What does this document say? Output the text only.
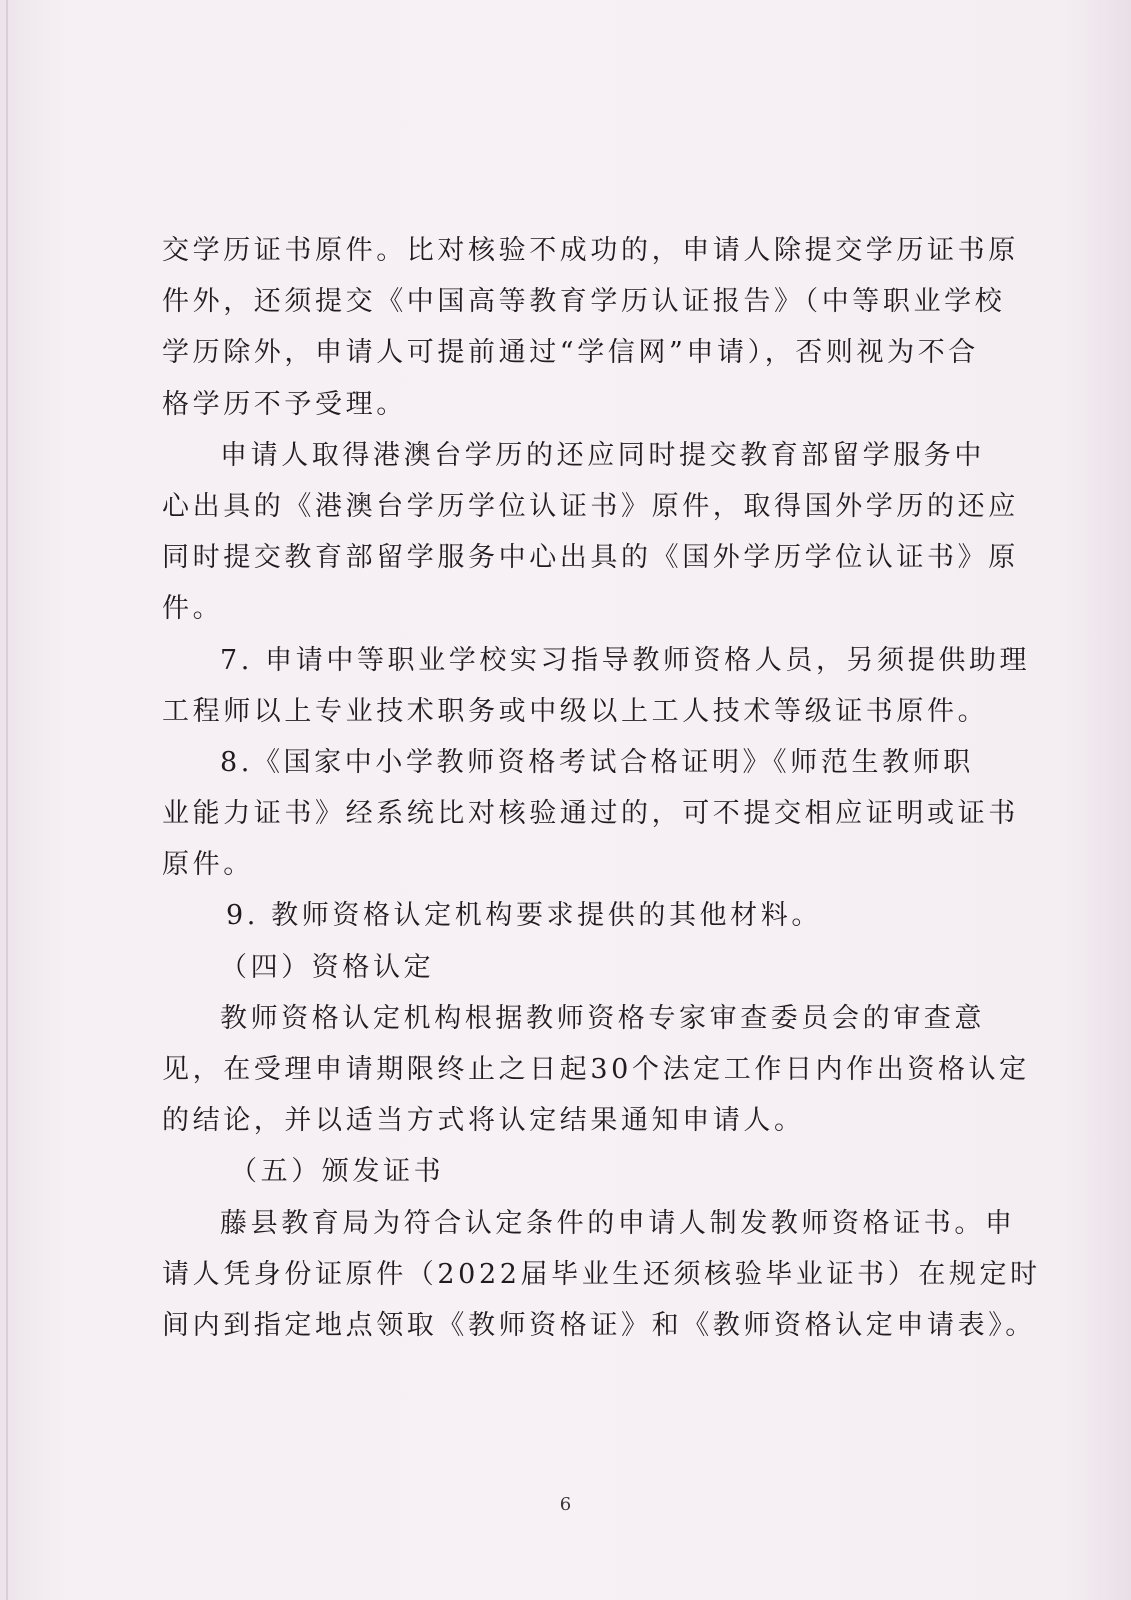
交学历证书原件。比对核验不成功的，申请人除提交学历证书原
件外，还须提交《中国高等教育学历认证报告》（中等职业学校
学历除外，申请人可提前通过“学信网”申请），否则视为不合
格学历不予受理。
申请人取得港澳台学历的还应同时提交教育部留学服务中
心出具的《港澳台学历学位认证书》原件，取得国外学历的还应
同时提交教育部留学服务中心出具的《国外学历学位认证书》原
件。
7. 申请中等职业学校实习指导教师资格人员，另须提供助理
工程师以上专业技术职务或中级以上工人技术等级证书原件。
8.《国家中小学教师资格考试合格证明》《师范生教师职
业能力证书》经系统比对核验通过的，可不提交相应证明或证书
原件。
9. 教师资格认定机构要求提供的其他材料。
（四）资格认定
教师资格认定机构根据教师资格专家审查委员会的审查意
见，在受理申请期限终止之日起30个法定工作日内作出资格认定
的结论，并以适当方式将认定结果通知申请人。
（五）颁发证书
藤县教育局为符合认定条件的申请人制发教师资格证书。申
请人凭身份证原件（2022届毕业生还须核验毕业证书）在规定时
间内到指定地点领取《教师资格证》和《教师资格认定申请表》。
6
